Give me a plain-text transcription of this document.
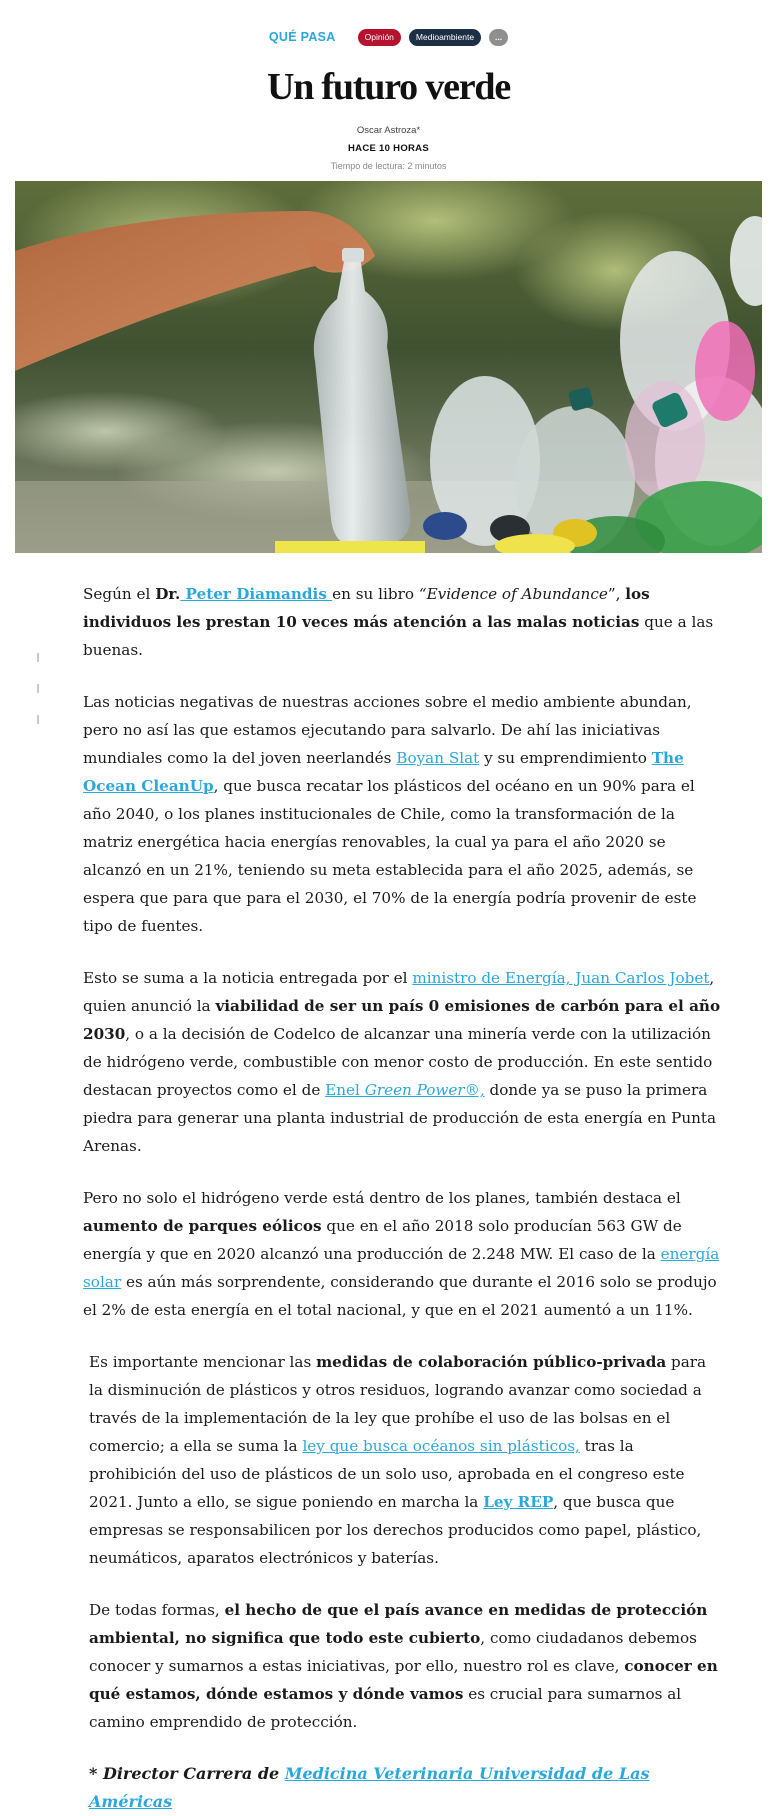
QUÉ PASA	Opinión	Medioambiente	...
Un futuro verde
Oscar Astroza*
HACE 10 HORAS
Tiempo de lectura: 2 minutos

Según el Dr. Peter Diamandis en su libro “Evidence of Abundance”, los individuos les prestan 10 veces más atención a las malas noticias que a las buenas.

Las noticias negativas de nuestras acciones sobre el medio ambiente abundan, pero no así las que estamos ejecutando para salvarlo. De ahí las iniciativas mundiales como la del joven neerlandés Boyan Slat y su emprendimiento The Ocean CleanUp, que busca recatar los plásticos del océano en un 90% para el año 2040, o los planes institucionales de Chile, como la transformación de la matriz energética hacia energías renovables, la cual ya para el año 2020 se alcanzó en un 21%, teniendo su meta establecida para el año 2025, además, se espera que para que para el 2030, el 70% de la energía podría provenir de este tipo de fuentes.

Esto se suma a la noticia entregada por el ministro de Energía, Juan Carlos Jobet, quien anunció la viabilidad de ser un país 0 emisiones de carbón para el año 2030, o a la decisión de Codelco de alcanzar una minería verde con la utilización de hidrógeno verde, combustible con menor costo de producción. En este sentido destacan proyectos como el de Enel Green Power®, donde ya se puso la primera piedra para generar una planta industrial de producción de esta energía en Punta Arenas.

Pero no solo el hidrógeno verde está dentro de los planes, también destaca el aumento de parques eólicos que en el año 2018 solo producían 563 GW de energía y que en 2020 alcanzó una producción de 2.248 MW. El caso de la energía solar es aún más sorprendente, considerando que durante el 2016 solo se produjo el 2% de esta energía en el total nacional, y que en el 2021 aumentó a un 11%.

Es importante mencionar las medidas de colaboración público-privada para la disminución de plásticos y otros residuos, logrando avanzar como sociedad a través de la implementación de la ley que prohíbe el uso de las bolsas en el comercio; a ella se suma la ley que busca océanos sin plásticos, tras la prohibición del uso de plásticos de un solo uso, aprobada en el congreso este 2021. Junto a ello, se sigue poniendo en marcha la Ley REP, que busca que empresas se responsabilicen por los derechos producidos como papel, plástico, neumáticos, aparatos electrónicos y baterías.

De todas formas, el hecho de que el país avance en medidas de protección ambiental, no significa que todo este cubierto, como ciudadanos debemos conocer y sumarnos a estas iniciativas, por ello, nuestro rol es clave, conocer en qué estamos, dónde estamos y dónde vamos es crucial para sumarnos al camino emprendido de protección.

* Director Carrera de Medicina Veterinaria Universidad de Las Américas
